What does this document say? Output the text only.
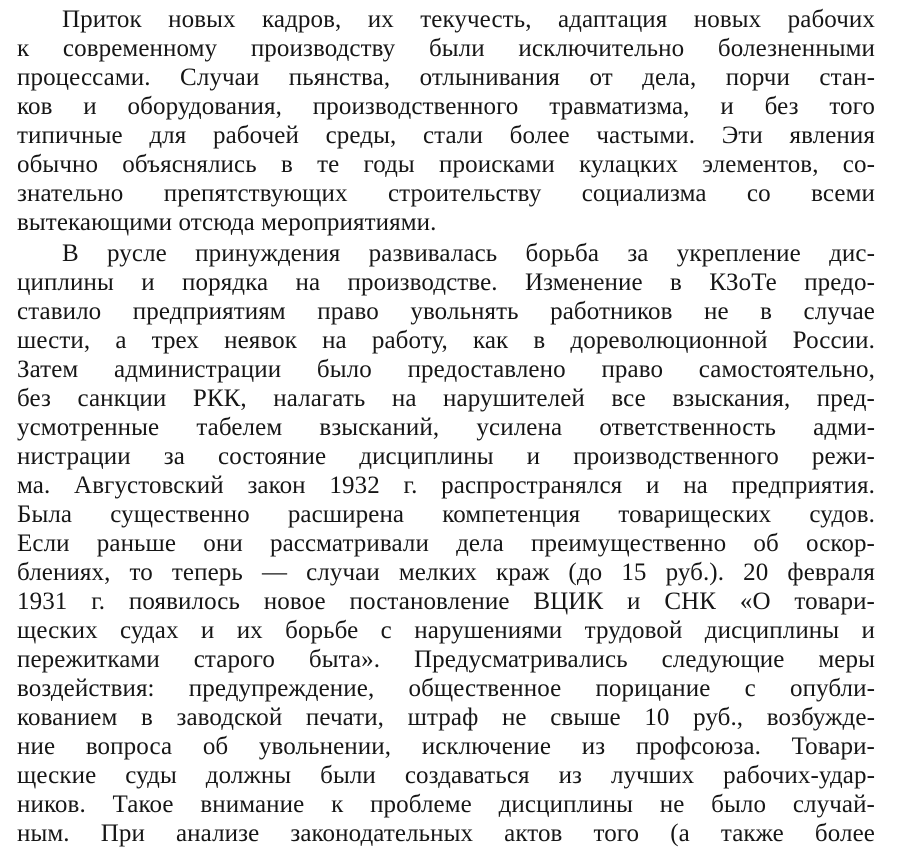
Приток новых кадров, их текучесть, адаптация новых рабочих
к современному производству были исключительно болезненными
процессами. Случаи пьянства, отлынивания от дела, порчи стан-
ков и оборудования, производственного травматизма, и без того
типичные для рабочей среды, стали более частыми. Эти явления
обычно объяснялись в те годы происками кулацких элементов, со-
знательно препятствующих строительству социализма со всеми
вытекающими отсюда мероприятиями.
В русле принуждения развивалась борьба за укрепление дис-
циплины и порядка на производстве. Изменение в КЗоТе предо-
ставило предприятиям право увольнять работников не в случае
шести, а трех неявок на работу, как в дореволюционной России.
Затем администрации было предоставлено право самостоятельно,
без санкции РКК, налагать на нарушителей все взыскания, пред-
усмотренные табелем взысканий, усилена ответственность адми-
нистрации за состояние дисциплины и производственного режи-
ма. Августовский закон 1932 г. распространялся и на предприятия.
Была существенно расширена компетенция товарищеских судов.
Если раньше они рассматривали дела преимущественно об оскор-
блениях, то теперь — случаи мелких краж (до 15 руб.). 20 февраля
1931 г. появилось новое постановление ВЦИК и СНК «О товари-
щеских судах и их борьбе с нарушениями трудовой дисциплины и
пережитками старого быта». Предусматривались следующие меры
воздействия: предупреждение, общественное порицание с опубли-
кованием в заводской печати, штраф не свыше 10 руб., возбужде-
ние вопроса об увольнении, исключение из профсоюза. Товари-
щеские суды должны были создаваться из лучших рабочих-удар-
ников. Такое внимание к проблеме дисциплины не было случай-
ным. При анализе законодательных актов того (а также более
